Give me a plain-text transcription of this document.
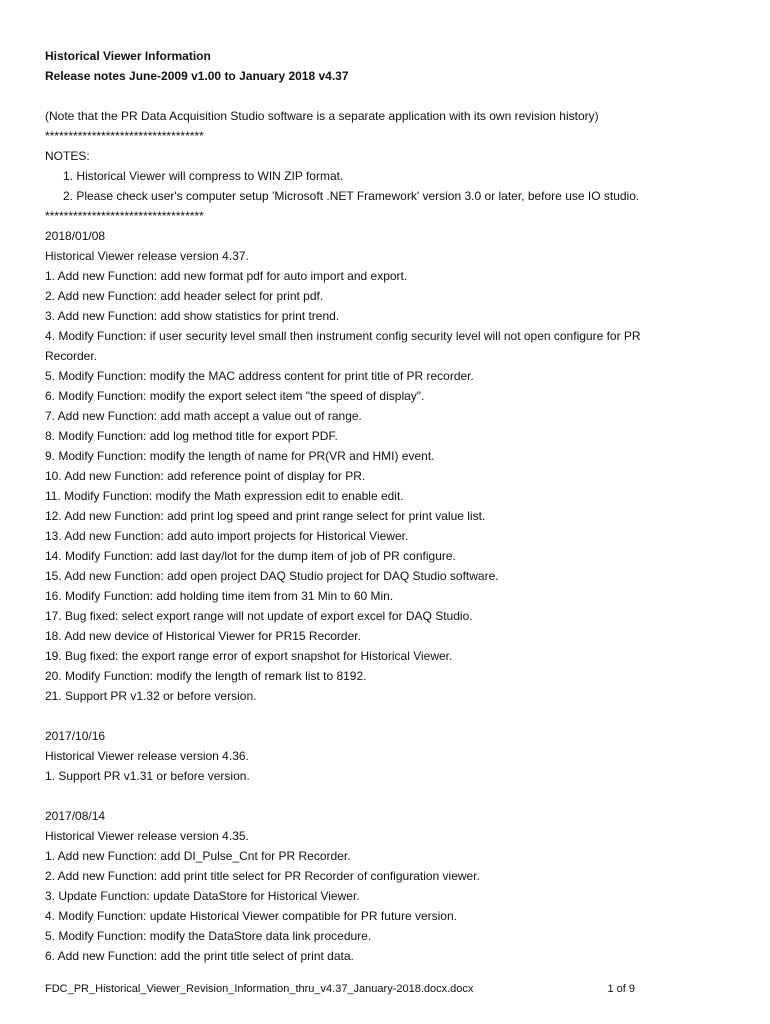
Historical Viewer Information
Release notes June-2009 v1.00 to January 2018 v4.37
(Note that the PR Data Acquisition Studio software is a separate application with its own revision history)
**********************************
NOTES:
1. Historical Viewer will compress to WIN ZIP format.
2. Please check user's computer setup 'Microsoft .NET Framework' version 3.0 or later, before use IO studio.
**********************************
2018/01/08
Historical Viewer release version 4.37.
1. Add new Function: add new format pdf for auto import and export.
2. Add new Function: add header select for print pdf.
3. Add new Function: add show statistics for print trend.
4. Modify Function: if user security level small then instrument config security level will not open configure for PR Recorder.
5. Modify Function: modify the MAC address content for print title of PR recorder.
6. Modify Function: modify the export select item "the speed of display".
7. Add new Function: add math accept a value out of range.
8. Modify Function: add log method title for export PDF.
9. Modify Function: modify the length of name for PR(VR and HMI) event.
10. Add new Function: add reference point of display for PR.
11. Modify Function: modify the Math expression edit to enable edit.
12. Add new Function: add print log speed and print range select for print value list.
13. Add new Function: add auto import projects for Historical Viewer.
14. Modify Function: add last day/lot for the dump item of job of PR configure.
15. Add new Function: add open project DAQ Studio project for DAQ Studio software.
16. Modify Function: add holding time item from 31 Min to 60 Min.
17. Bug fixed: select export range will not update of export excel for DAQ Studio.
18. Add new device of Historical Viewer for PR15 Recorder.
19. Bug fixed: the export range error of export snapshot for Historical Viewer.
20. Modify Function: modify the length of remark list to 8192.
21. Support PR v1.32 or before version.
2017/10/16
Historical Viewer release version 4.36.
1. Support PR v1.31 or before version.
2017/08/14
Historical Viewer release version 4.35.
1. Add new Function: add DI_Pulse_Cnt for PR Recorder.
2. Add new Function: add print title select for PR Recorder of configuration viewer.
3. Update Function: update DataStore for Historical Viewer.
4. Modify Function: update Historical Viewer compatible for PR future version.
5. Modify Function: modify the DataStore data link procedure.
6. Add new Function: add the print title select of print data.
FDC_PR_Historical_Viewer_Revision_Information_thru_v4.37_January-2018.docx.docx	1 of 9
